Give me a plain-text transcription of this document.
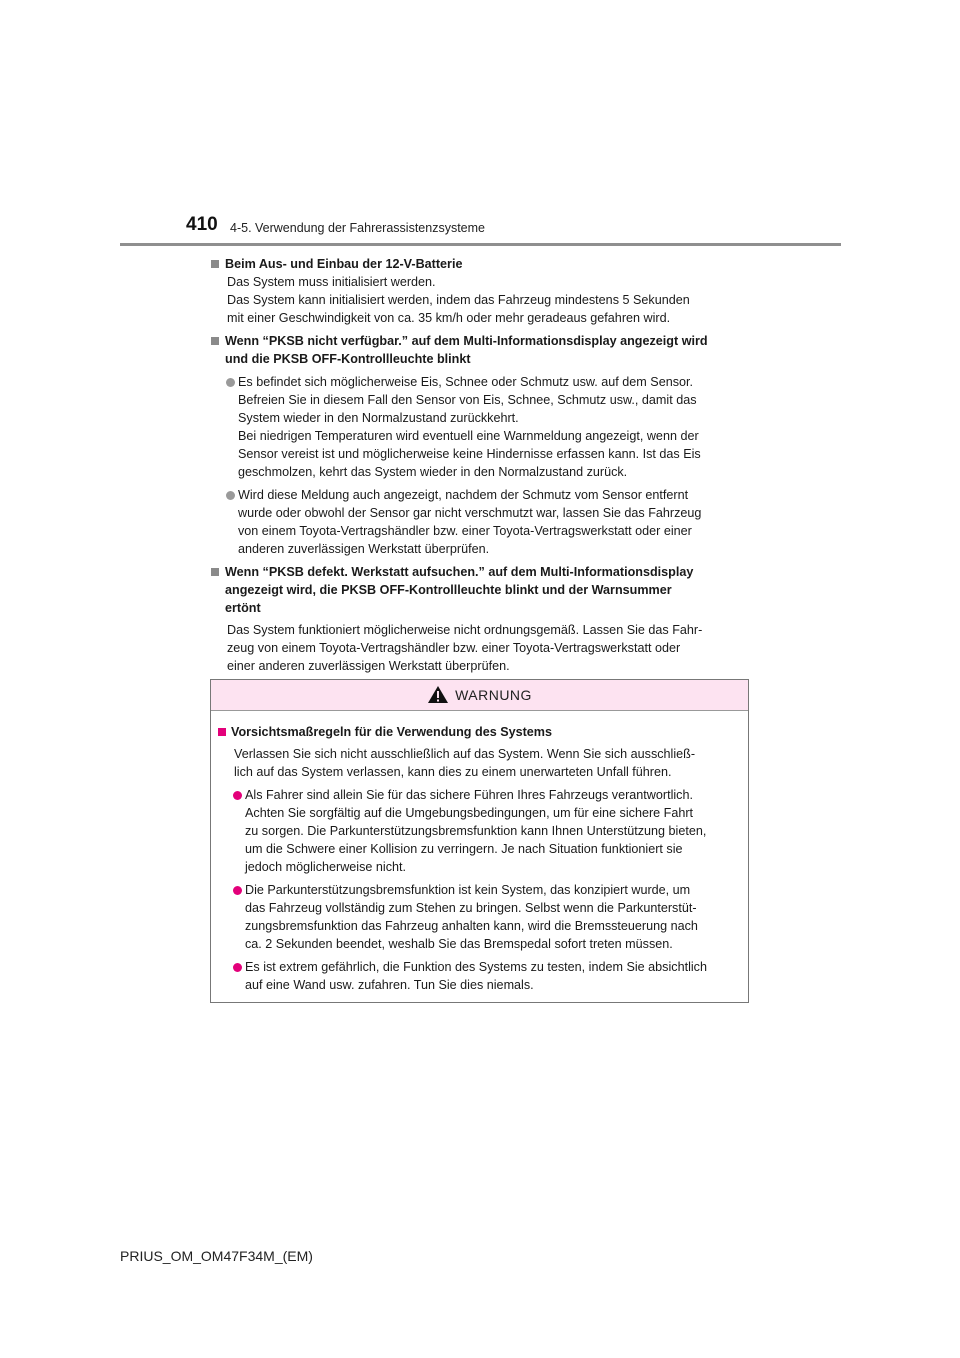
410 4-5. Verwendung der Fahrerassistenzsysteme
Beim Aus- und Einbau der 12-V-Batterie
Das System muss initialisiert werden.
Das System kann initialisiert werden, indem das Fahrzeug mindestens 5 Sekunden
mit einer Geschwindigkeit von ca. 35 km/h oder mehr geradeaus gefahren wird.
Wenn “PKSB nicht verfügbar.” auf dem Multi-Informationsdisplay angezeigt wird
und die PKSB OFF-Kontrollleuchte blinkt
Es befindet sich möglicherweise Eis, Schnee oder Schmutz usw. auf dem Sensor.
Befreien Sie in diesem Fall den Sensor von Eis, Schnee, Schmutz usw., damit das
System wieder in den Normalzustand zurückkehrt.
Bei niedrigen Temperaturen wird eventuell eine Warnmeldung angezeigt, wenn der
Sensor vereist ist und möglicherweise keine Hindernisse erfassen kann. Ist das Eis
geschmolzen, kehrt das System wieder in den Normalzustand zurück.
Wird diese Meldung auch angezeigt, nachdem der Schmutz vom Sensor entfernt
wurde oder obwohl der Sensor gar nicht verschmutzt war, lassen Sie das Fahrzeug
von einem Toyota-Vertragshändler bzw. einer Toyota-Vertragswerkstatt oder einer
anderen zuverlässigen Werkstatt überprüfen.
Wenn “PKSB defekt. Werkstatt aufsuchen.” auf dem Multi-Informationsdisplay
angezeigt wird, die PKSB OFF-Kontrollleuchte blinkt und der Warnsummer
ertönt
Das System funktioniert möglicherweise nicht ordnungsgemäß. Lassen Sie das Fahr-
zeug von einem Toyota-Vertragshändler bzw. einer Toyota-Vertragswerkstatt oder
einer anderen zuverlässigen Werkstatt überprüfen.
WARNUNG
Vorsichtsmaßregeln für die Verwendung des Systems
Verlassen Sie sich nicht ausschließlich auf das System. Wenn Sie sich ausschließ-
lich auf das System verlassen, kann dies zu einem unerwarteten Unfall führen.
Als Fahrer sind allein Sie für das sichere Führen Ihres Fahrzeugs verantwortlich.
Achten Sie sorgfältig auf die Umgebungsbedingungen, um für eine sichere Fahrt
zu sorgen. Die Parkunterstützungsbremsfunktion kann Ihnen Unterstützung bieten,
um die Schwere einer Kollision zu verringern. Je nach Situation funktioniert sie
jedoch möglicherweise nicht.
Die Parkunterstützungsbremsfunktion ist kein System, das konzipiert wurde, um
das Fahrzeug vollständig zum Stehen zu bringen. Selbst wenn die Parkunterstüt-
zungsbremsfunktion das Fahrzeug anhalten kann, wird die Bremssteuerung nach
ca. 2 Sekunden beendet, weshalb Sie das Bremspedal sofort treten müssen.
Es ist extrem gefährlich, die Funktion des Systems zu testen, indem Sie absichtlich
auf eine Wand usw. zufahren. Tun Sie dies niemals.
PRIUS_OM_OM47F34M_(EM)
